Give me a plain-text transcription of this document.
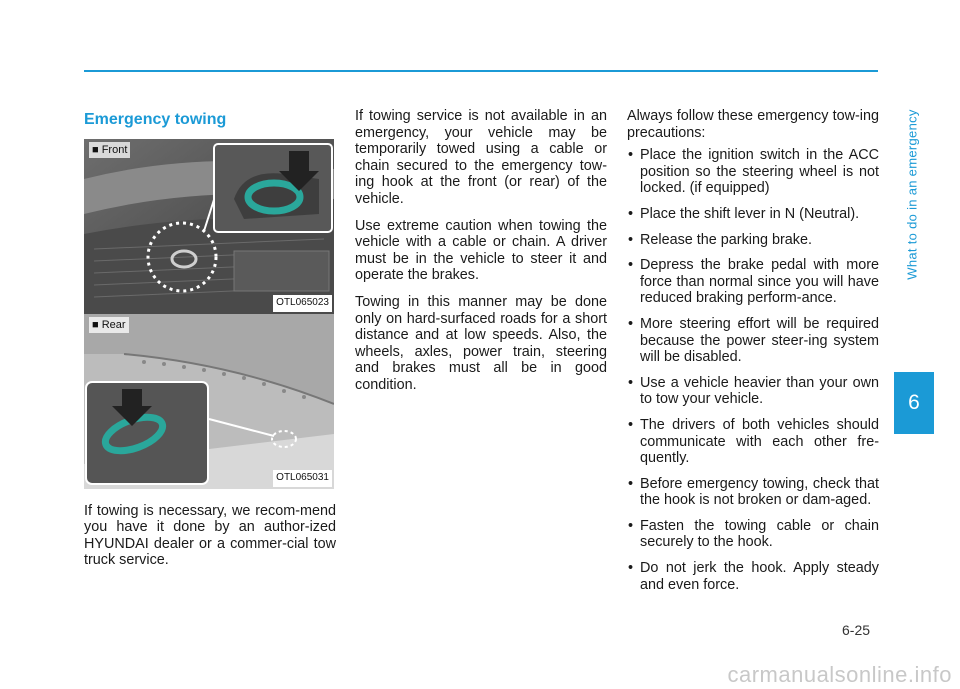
What to do in an emergency
6
Emergency towing
■ Front
OTL065023
■ Rear
OTL065031

If towing is necessary, we recom-mend you have it done by an author-ized HYUNDAI dealer or a commer-cial tow truck service.

If towing service is not available in an emergency, your vehicle may be temporarily towed using a cable or chain secured to the emergency tow-ing hook at the front (or rear) of the vehicle.

Use extreme caution when towing the vehicle with a cable or chain. A driver must be in the vehicle to steer it and operate the brakes.

Towing in this manner may be done only on hard-surfaced roads for a short distance and at low speeds. Also, the wheels, axles, power train, steering and brakes must all be in good condition.

Always follow these emergency tow-ing precautions:

• Place the ignition switch in the ACC position so the steering wheel is not locked. (if equipped)
• Place the shift lever in N (Neutral).
• Release the parking brake.
• Depress the brake pedal with more force than normal since you will have reduced braking perform-ance.
• More steering effort will be required because the power steer-ing system will be disabled.
• Use a vehicle heavier than your own to tow your vehicle.
• The drivers of both vehicles should communicate with each other fre-quently.
• Before emergency towing, check that the hook is not broken or dam-aged.
• Fasten the towing cable or chain securely to the hook.
• Do not jerk the hook. Apply steady and even force.
6-25
carmanualsonline.info
